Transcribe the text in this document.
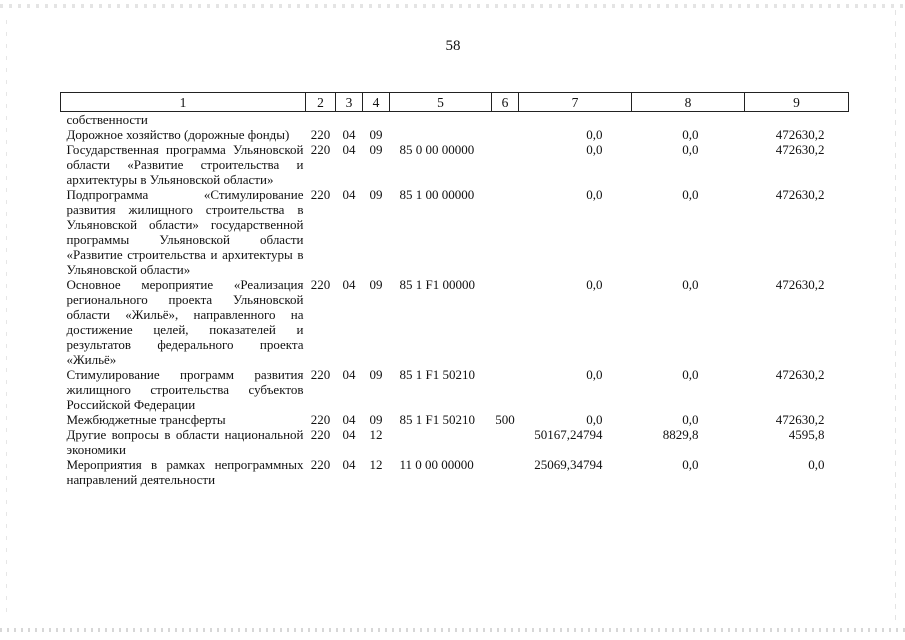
58
1	2	3	4	5	6	7	8	9
собственности								
Дорожное хозяйство (дорожные фонды)	220	04	09			0,0	0,0	472630,2
Государственная программа Ульяновской области «Развитие строительства и архитектуры в Ульяновской области»	220	04	09	85 0 00 00000		0,0	0,0	472630,2
Подпрограмма «Стимулирование развития жилищного строительства в Ульяновской области» государственной программы Ульяновской области «Развитие строительства и архитектуры в Ульяновской области»	220	04	09	85 1 00 00000		0,0	0,0	472630,2
Основное мероприятие «Реализация регионального проекта Ульяновской области «Жильё», направленного на достижение целей, показателей и результатов федерального проекта «Жильё»	220	04	09	85 1 F1 00000		0,0	0,0	472630,2
Стимулирование программ развития жилищного строительства субъектов Российской Федерации	220	04	09	85 1 F1 50210		0,0	0,0	472630,2
Межбюджетные трансферты	220	04	09	85 1 F1 50210	500	0,0	0,0	472630,2
Другие вопросы в области национальной экономики	220	04	12			50167,24794	8829,8	4595,8
Мероприятия в рамках непрограммных направлений деятельности	220	04	12	11 0 00 00000		25069,34794	0,0	0,0
